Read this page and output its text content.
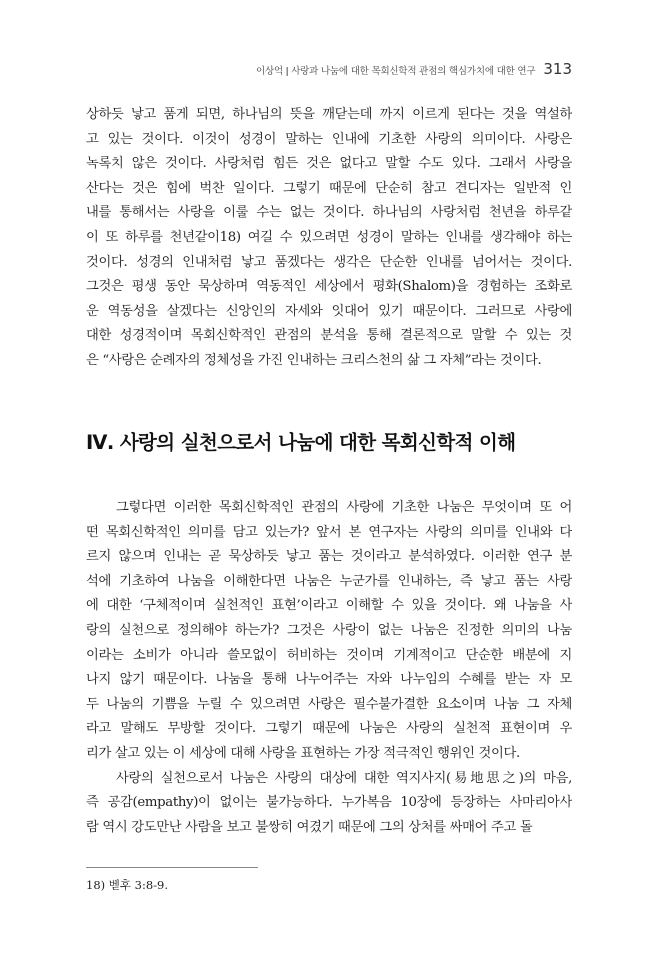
이상억 ǀ 사랑과 나눔에 대한 목회신학적 관점의 핵심가치에 대한 연구 313
상하듯 낳고 품게 되면, 하나님의 뜻을 깨닫는데 까지 이르게 된다는 것을 역설하
고 있는 것이다. 이것이 성경이 말하는 인내에 기초한 사랑의 의미이다. 사랑은
녹록치 않은 것이다. 사랑처럼 힘든 것은 없다고 말할 수도 있다. 그래서 사랑을
산다는 것은 힘에 벅찬 일이다. 그렇기 때문에 단순히 참고 견디자는 일반적 인
내를 통해서는 사랑을 이룰 수는 없는 것이다. 하나님의 사랑처럼 천년을 하루같
이 또 하루를 천년같이18) 여길 수 있으려면 성경이 말하는 인내를 생각해야 하는
것이다. 성경의 인내처럼 낳고 품겠다는 생각은 단순한 인내를 넘어서는 것이다.
그것은 평생 동안 묵상하며 역동적인 세상에서 평화(Shalom)을 경험하는 조화로
운 역동성을 살겠다는 신앙인의 자세와 잇대어 있기 때문이다. 그러므로 사랑에
대한 성경적이며 목회신학적인 관점의 분석을 통해 결론적으로 말할 수 있는 것
은 “사랑은 순례자의 정체성을 가진 인내하는 크리스천의 삶 그 자체”라는 것이다.
Ⅳ. 사랑의 실천으로서 나눔에 대한 목회신학적 이해
그렇다면 이러한 목회신학적인 관점의 사랑에 기초한 나눔은 무엇이며 또 어
떤 목회신학적인 의미를 담고 있는가? 앞서 본 연구자는 사랑의 의미를 인내와 다
르지 않으며 인내는 곧 묵상하듯 낳고 품는 것이라고 분석하였다. 이러한 연구 분
석에 기초하여 나눔을 이해한다면 나눔은 누군가를 인내하는, 즉 낳고 품는 사랑
에 대한 ‘구체적이며 실천적인 표현’이라고 이해할 수 있을 것이다. 왜 나눔을 사
랑의 실천으로 정의해야 하는가? 그것은 사랑이 없는 나눔은 진정한 의미의 나눔
이라는 소비가 아니라 쓸모없이 허비하는 것이며 기계적이고 단순한 배분에 지
나지 않기 때문이다. 나눔을 통해 나누어주는 자와 나누임의 수혜를 받는 자 모
두 나눔의 기쁨을 누릴 수 있으려면 사랑은 필수불가결한 요소이며 나눔 그 자체
라고 말해도 무방할 것이다. 그렇기 때문에 나눔은 사랑의 실천적 표현이며 우
리가 살고 있는 이 세상에 대해 사랑을 표현하는 가장 적극적인 행위인 것이다.
사랑의 실천으로서 나눔은 사랑의 대상에 대한 역지사지(易地思之)의 마음,
즉 공감(empathy)이 없이는 불가능하다. 누가복음 10장에 등장하는 사마리아사
람 역시 강도만난 사람을 보고 불쌍히 여겼기 때문에 그의 상처를 싸매어 주고 돌
18) 벧후 3:8-9.
